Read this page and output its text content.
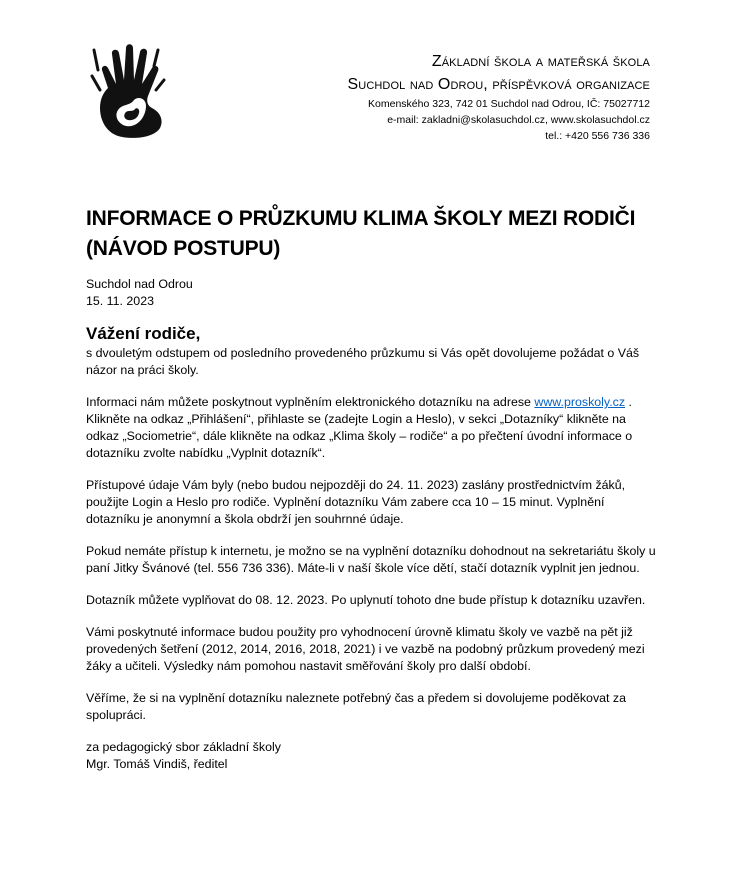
Základní škola a mateřská škola
Suchdol nad Odrou, příspěvková organizace
Komenského 323, 742 01 Suchdol nad Odrou, IČ: 75027712
e-mail: zakladni@skolasuchdol.cz, www.skolasuchdol.cz
tel.: +420 556 736 336
INFORMACE O PRŮZKUMU KLIMA ŠKOLY MEZI RODIČI
(NÁVOD POSTUPU)

Suchdol nad Odrou

15. 11. 2023

Vážení rodiče,

s dvouletým odstupem od posledního provedeného průzkumu si Vás opět dovolujeme požádat o Váš názor na práci školy.

Informaci nám můžete poskytnout vyplněním elektronického dotazníku na adrese www.proskoly.cz . Klikněte na odkaz „Přihlášení“, přihlaste se (zadejte Login a Heslo), v sekci „Dotazníky“ klikněte na odkaz „Sociometrie“, dále klikněte na odkaz „Klima školy – rodiče“ a po přečtení úvodní informace o dotazníku zvolte nabídku „Vyplnit dotazník“.

Přístupové údaje Vám byly (nebo budou nejpozději do 24. 11. 2023) zaslány prostřednictvím žáků, použijte Login a Heslo pro rodiče. Vyplnění dotazníku Vám zabere cca 10 – 15 minut. Vyplnění dotazníku je anonymní a škola obdrží jen souhrnné údaje.

Pokud nemáte přístup k internetu, je možno se na vyplnění dotazníku dohodnout na sekretariátu školy u paní Jitky Švánové (tel. 556 736 336). Máte-li v naší škole více dětí, stačí dotazník vyplnit jen jednou.

Dotazník můžete vyplňovat do 08. 12. 2023. Po uplynutí tohoto dne bude přístup k dotazníku uzavřen.

Vámi poskytnuté informace budou použity pro vyhodnocení úrovně klimatu školy ve vazbě na pět již provedených šetření (2012, 2014, 2016, 2018, 2021) i ve vazbě na podobný průzkum provedený mezi žáky a učiteli. Výsledky nám pomohou nastavit směřování školy pro další období.

Věříme, že si na vyplnění dotazníku naleznete potřebný čas a předem si dovolujeme poděkovat za spolupráci.

za pedagogický sbor základní školy

Mgr. Tomáš Vindiš, ředitel
